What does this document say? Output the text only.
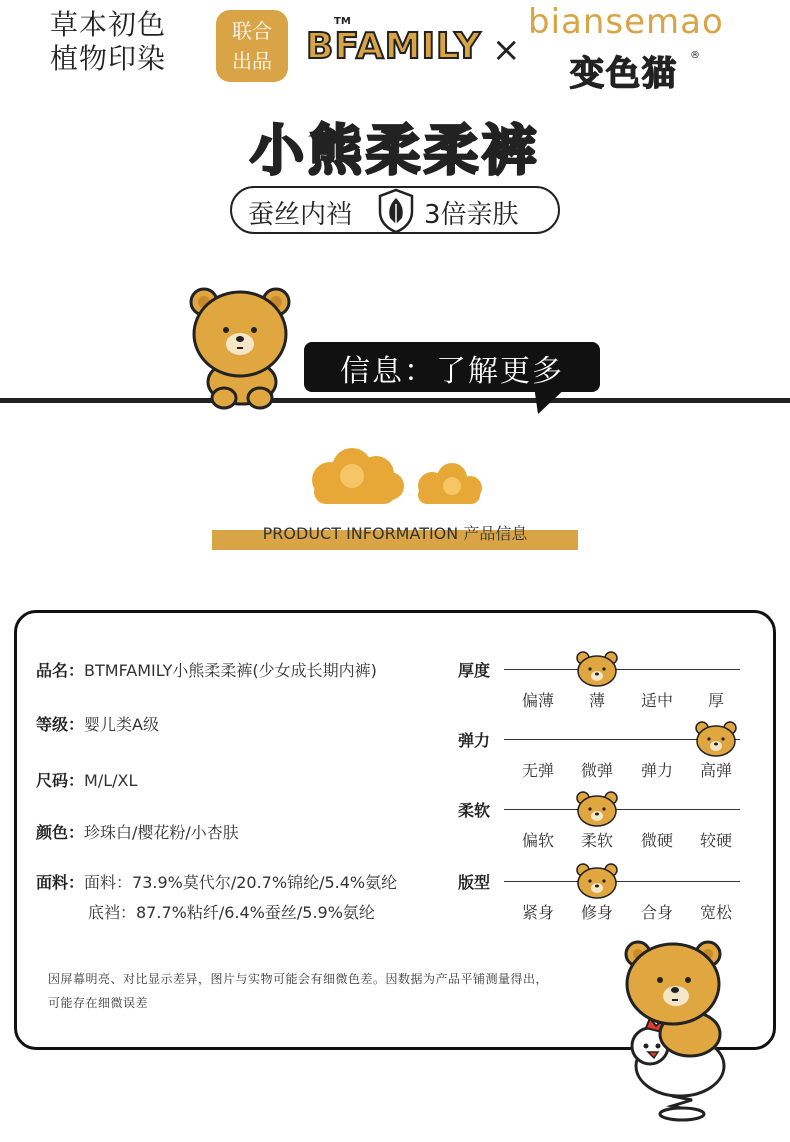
草本初色
植物印染
联合
出品 BFAMILY
TM
×
biansemao
变色猫 ®
小熊柔柔裤
蚕丝内裆	3倍亲肤
信息：了解更多
PRODUCT INFORMATION 产品信息
品名：BTMFAMILY小熊柔柔裤(少女成长期内裤)
等级：婴儿类A级
尺码：M/L/XL
颜色：珍珠白/樱花粉/小杏肤
面料：面料：73.9%莫代尔/20.7%锦纶/5.4%氨纶
底裆：87.7%粘纤/6.4%蚕丝/5.9%氨纶
因屏幕明亮、对比显示差异，图片与实物可能会有细微色差。因数据为产品平铺测量得出，
可能存在细微误差
厚度
偏薄	薄	适中	厚
弹力
无弹	微弹	弹力	高弹
柔软
偏软	柔软	微硬	较硬
版型
紧身	修身	合身	宽松
